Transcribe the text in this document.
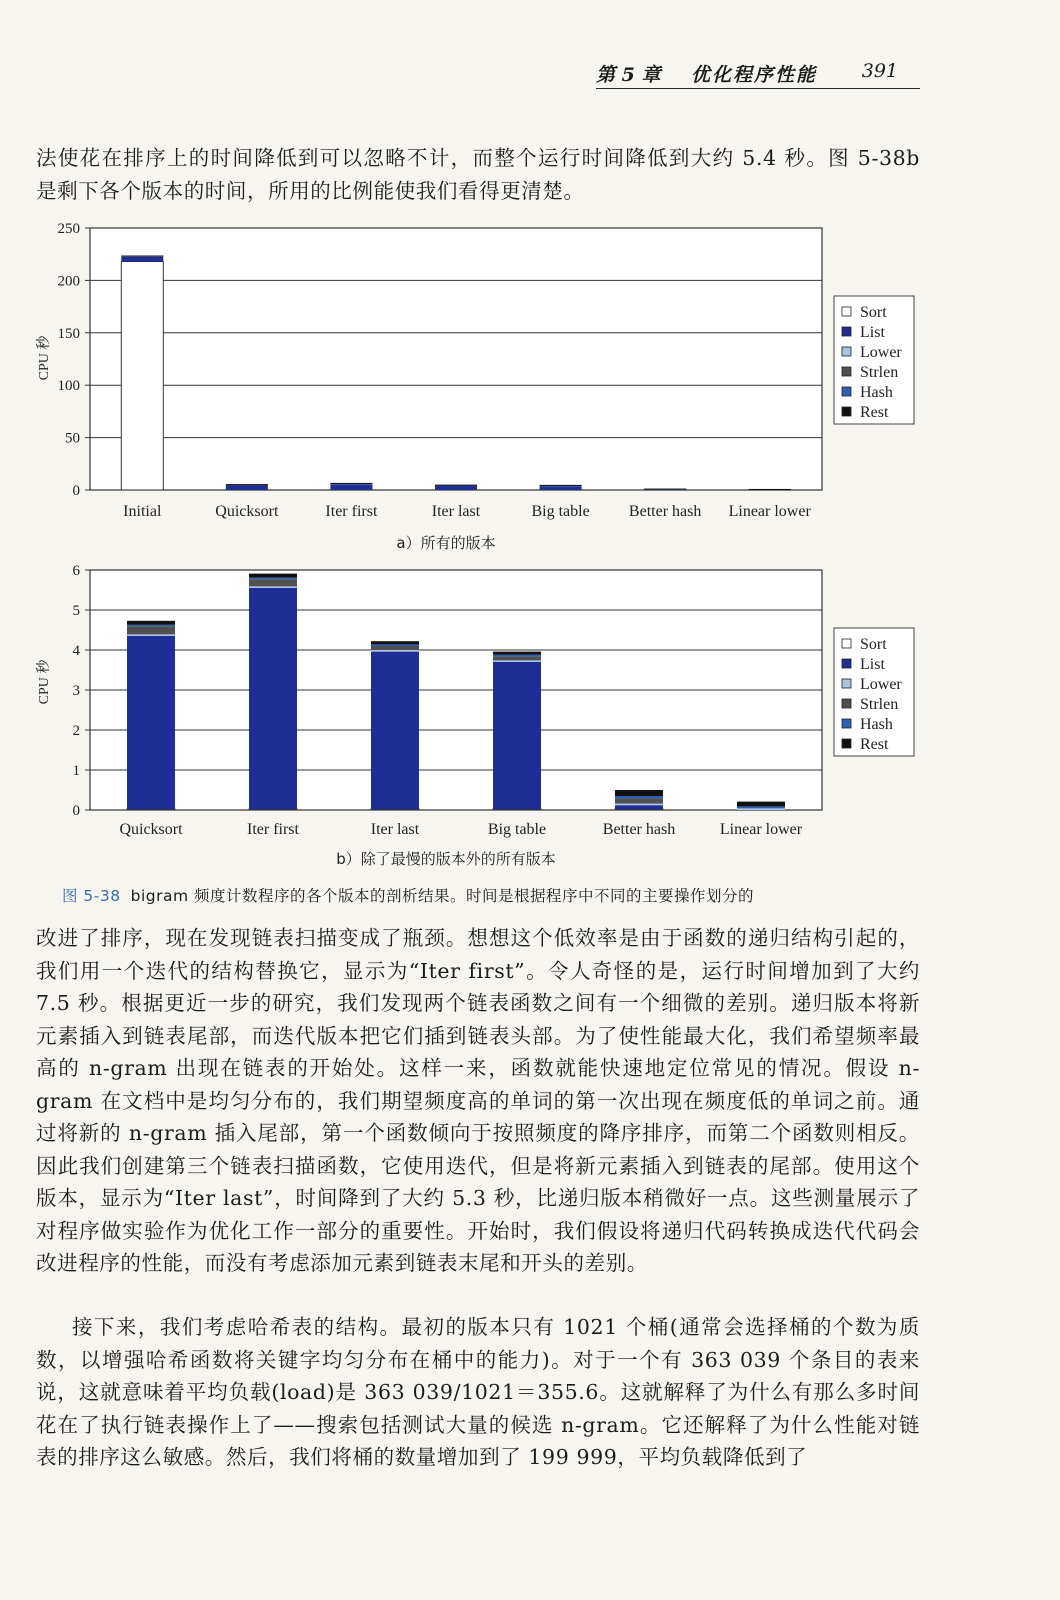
第 5 章 优化程序性能 391
法使花在排序上的时间降低到可以忽略不计，而整个运行时间降低到大约 5.4 秒。图 5-38b 是剩下各个版本的时间，所用的比例能使我们看得更清楚。
0
50
100
150
200
250
CPU 秒
Initial	Quicksort	Iter first	Iter last	Big table Better hash Linear lower
a）所有的版本
Sort
List
Lower
Strlen
Hash
Rest
0
1
2
3
4
5
6
CPU 秒
Quicksort	Iter first	Iter last	Big table	Better hash	Linear lower
b）除了最慢的版本外的所有版本
Sort
List
Lower
Strlen
Hash
Rest
图 5-38 bigram 频度计数程序的各个版本的剖析结果。时间是根据程序中不同的主要操作划分的
改进了排序，现在发现链表扫描变成了瓶颈。想想这个低效率是由于函数的递归结构引起的，我们用一个迭代的结构替换它，显示为“Iter first”。令人奇怪的是，运行时间增加到了大约 7.5 秒。根据更近一步的研究，我们发现两个链表函数之间有一个细微的差别。递归版本将新元素插入到链表尾部，而迭代版本把它们插到链表头部。为了使性能最大化，我们希望频率最高的 n-gram 出现在链表的开始处。这样一来，函数就能快速地定位常见的情况。假设 n-gram 在文档中是均匀分布的，我们期望频度高的单词的第一次出现在频度低的单词之前。通过将新的 n-gram 插入尾部，第一个函数倾向于按照频度的降序排序，而第二个函数则相反。因此我们创建第三个链表扫描函数，它使用迭代，但是将新元素插入到链表的尾部。使用这个版本，显示为“Iter last”，时间降到了大约 5.3 秒，比递归版本稍微好一点。这些测量展示了对程序做实验作为优化工作一部分的重要性。开始时，我们假设将递归代码转换成迭代代码会改进程序的性能，而没有考虑添加元素到链表末尾和开头的差别。
接下来，我们考虑哈希表的结构。最初的版本只有 1021 个桶(通常会选择桶的个数为质数，以增强哈希函数将关键字均匀分布在桶中的能力)。对于一个有 363 039 个条目的表来说，这就意味着平均负载(load)是 363 039/1021＝355.6。这就解释了为什么有那么多时间花在了执行链表操作上了——搜索包括测试大量的候选 n-gram。它还解释了为什么性能对链表的排序这么敏感。然后，我们将桶的数量增加到了 199 999，平均负载降低到了
